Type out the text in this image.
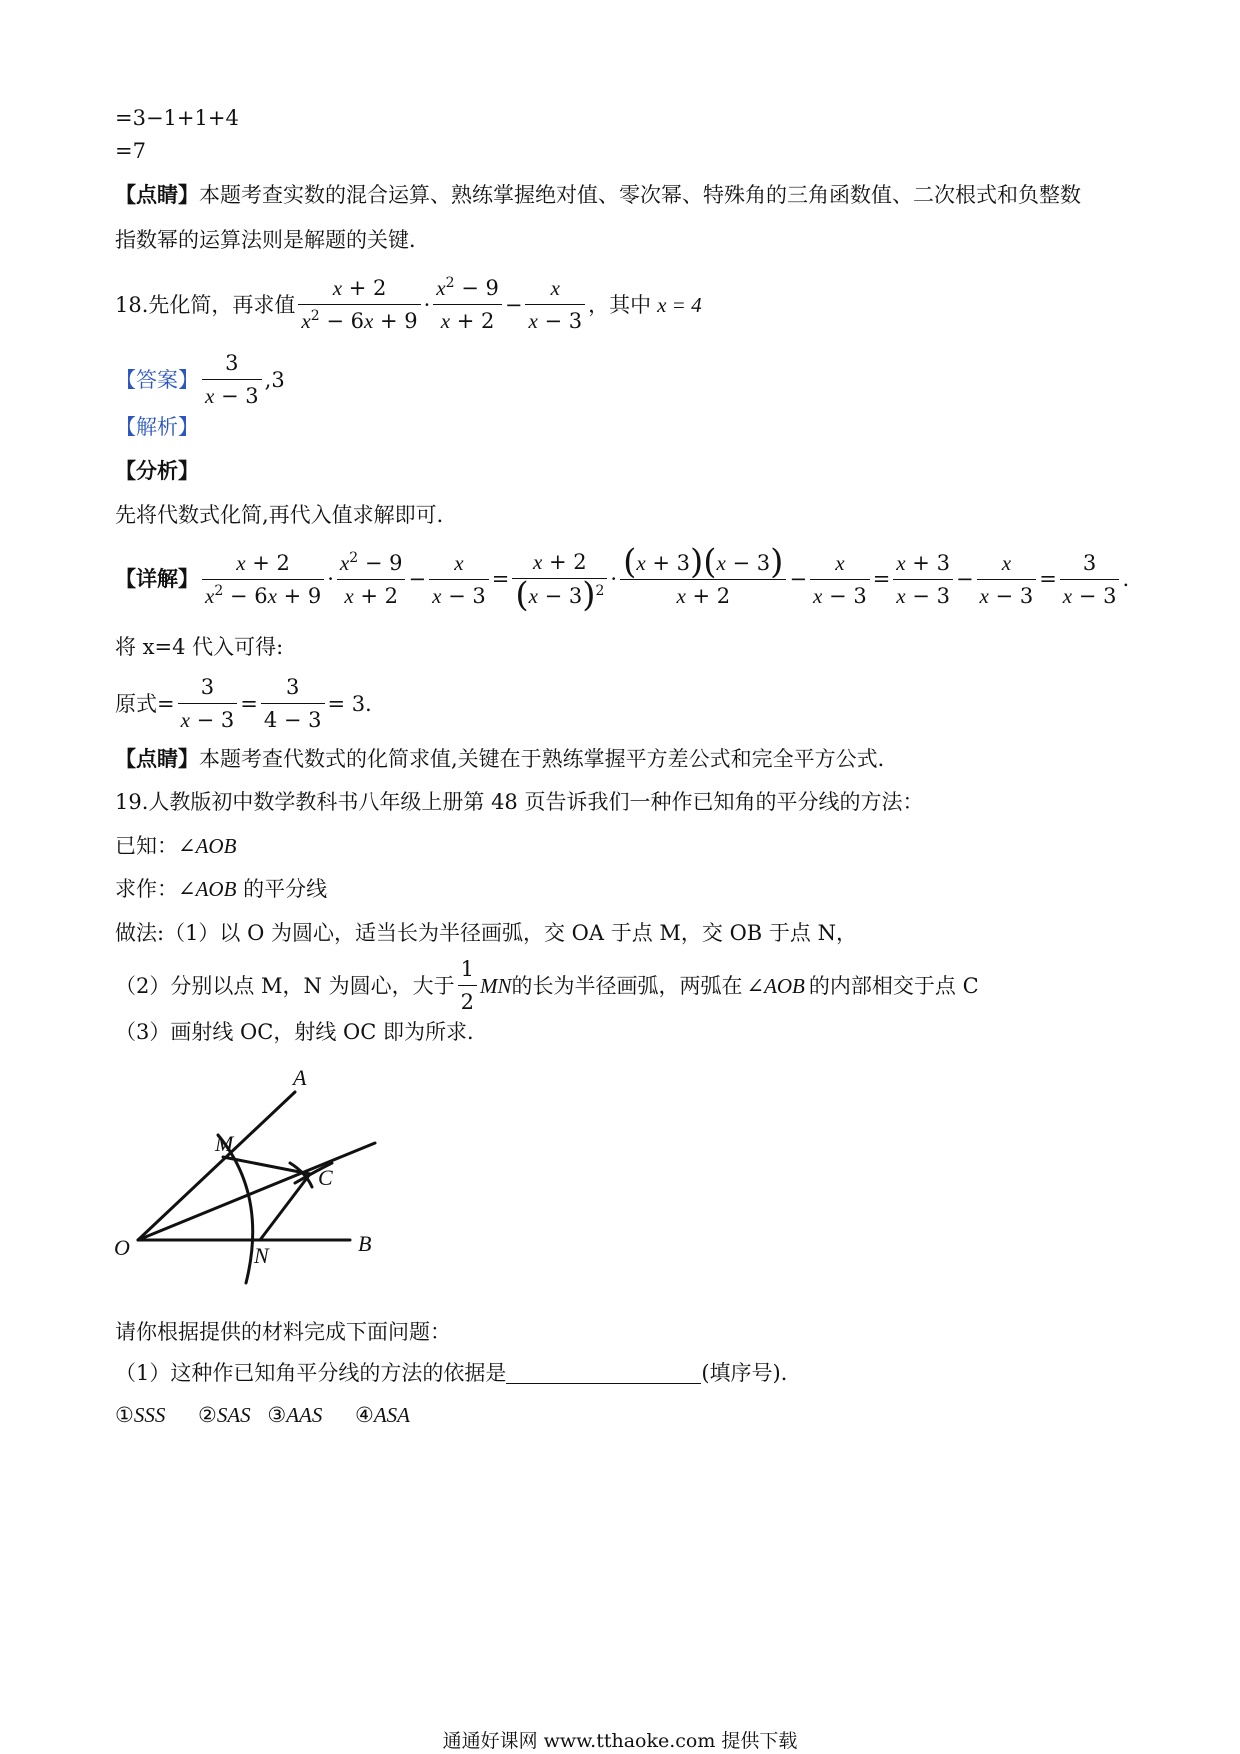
=3−1+1+4
=7
【点睛】本题考查实数的混合运算、熟练掌握绝对值、零次幂、特殊角的三角函数值、二次根式和负整数
指数幂的运算法则是解题的关键．
18.先化简，再求值 $\frac{x + 2}{x^2 - 6x + 9} \cdot \frac{x^2 - 9}{x + 2} - \frac{x}{x - 3}$ ，其中 x = 4
【答案】 $\frac{3}{x - 3} ,3$
【解析】
【分析】
先将代数式化简,再代入值求解即可．
【详解】 $\frac{x + 2}{x^2 - 6x + 9} \cdot \frac{x^2 - 9}{x + 2} - \frac{x}{x - 3} = \frac{x + 2}{(x - 3)^2} \cdot \frac{(x + 3)(x - 3)}{x + 2} - \frac{x}{x - 3} = \frac{x + 3}{x - 3} - \frac{x}{x - 3} = \frac{3}{x - 3}$ .
将 x=4 代入可得:
原式= $\frac{3}{x - 3} = \frac{3}{4 - 3} = 3$．
【点睛】本题考查代数式的化简求值,关键在于熟练掌握平方差公式和完全平方公式．
19.人教版初中数学教科书八年级上册第 48 页告诉我们一种作已知角的平分线的方法：
已知：∠AOB
求作：∠AOB 的平分线
做法:（1）以 O 为圆心，适当长为半径画弧，交 OA 于点 M，交 OB 于点 N，
（2）分别以点 M，N 为圆心，大于 $\frac{1}{2}$ MN 的长为半径画弧，两弧在 ∠AOB 的内部相交于点 C
（3）画射线 OC，射线 OC 即为所求．
A
M
C
O	N	B
请你根据提供的材料完成下面问题：
（1）这种作已知角平分线的方法的依据是	(填序号)．
①SSS ②SAS ③AAS ④ASA
通通好课网 www.tthaoke.com 提供下载
